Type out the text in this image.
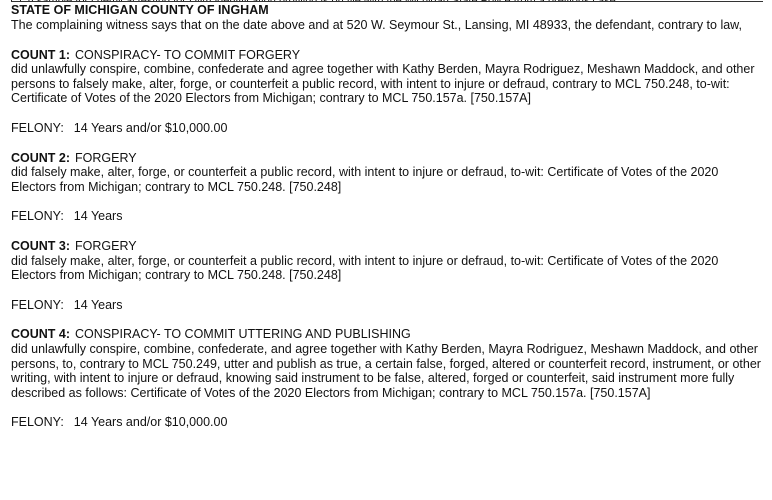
STATE OF MICHIGAN COUNTY OF INGHAM
The complaining witness says that on the date above and at 520 W. Seymour St., Lansing, MI 48933, the defendant, contrary to law,
COUNT 1: CONSPIRACY- TO COMMIT FORGERY
did unlawfully conspire, combine, confederate and agree together with Kathy Berden, Mayra Rodriguez, Meshawn Maddock, and other persons to falsely make, alter, forge, or counterfeit a public record, with intent to injure or defraud, contrary to MCL 750.248, to-wit: Certificate of Votes of the 2020 Electors from Michigan; contrary to MCL 750.157a. [750.157A]
FELONY: 14 Years and/or $10,000.00
COUNT 2: FORGERY
did falsely make, alter, forge, or counterfeit a public record, with intent to injure or defraud, to-wit: Certificate of Votes of the 2020 Electors from Michigan; contrary to MCL 750.248. [750.248]
FELONY: 14 Years
COUNT 3: FORGERY
did falsely make, alter, forge, or counterfeit a public record, with intent to injure or defraud, to-wit: Certificate of Votes of the 2020 Electors from Michigan; contrary to MCL 750.248. [750.248]
FELONY: 14 Years
COUNT 4: CONSPIRACY- TO COMMIT UTTERING AND PUBLISHING
did unlawfully conspire, combine, confederate, and agree together with Kathy Berden, Mayra Rodriguez, Meshawn Maddock, and other persons, to, contrary to MCL 750.249, utter and publish as true, a certain false, forged, altered or counterfeit record, instrument, or other writing, with intent to injure or defraud, knowing said instrument to be false, altered, forged or counterfeit, said instrument more fully described as follows: Certificate of Votes of the 2020 Electors from Michigan; contrary to MCL 750.157a. [750.157A]
FELONY: 14 Years and/or $10,000.00
